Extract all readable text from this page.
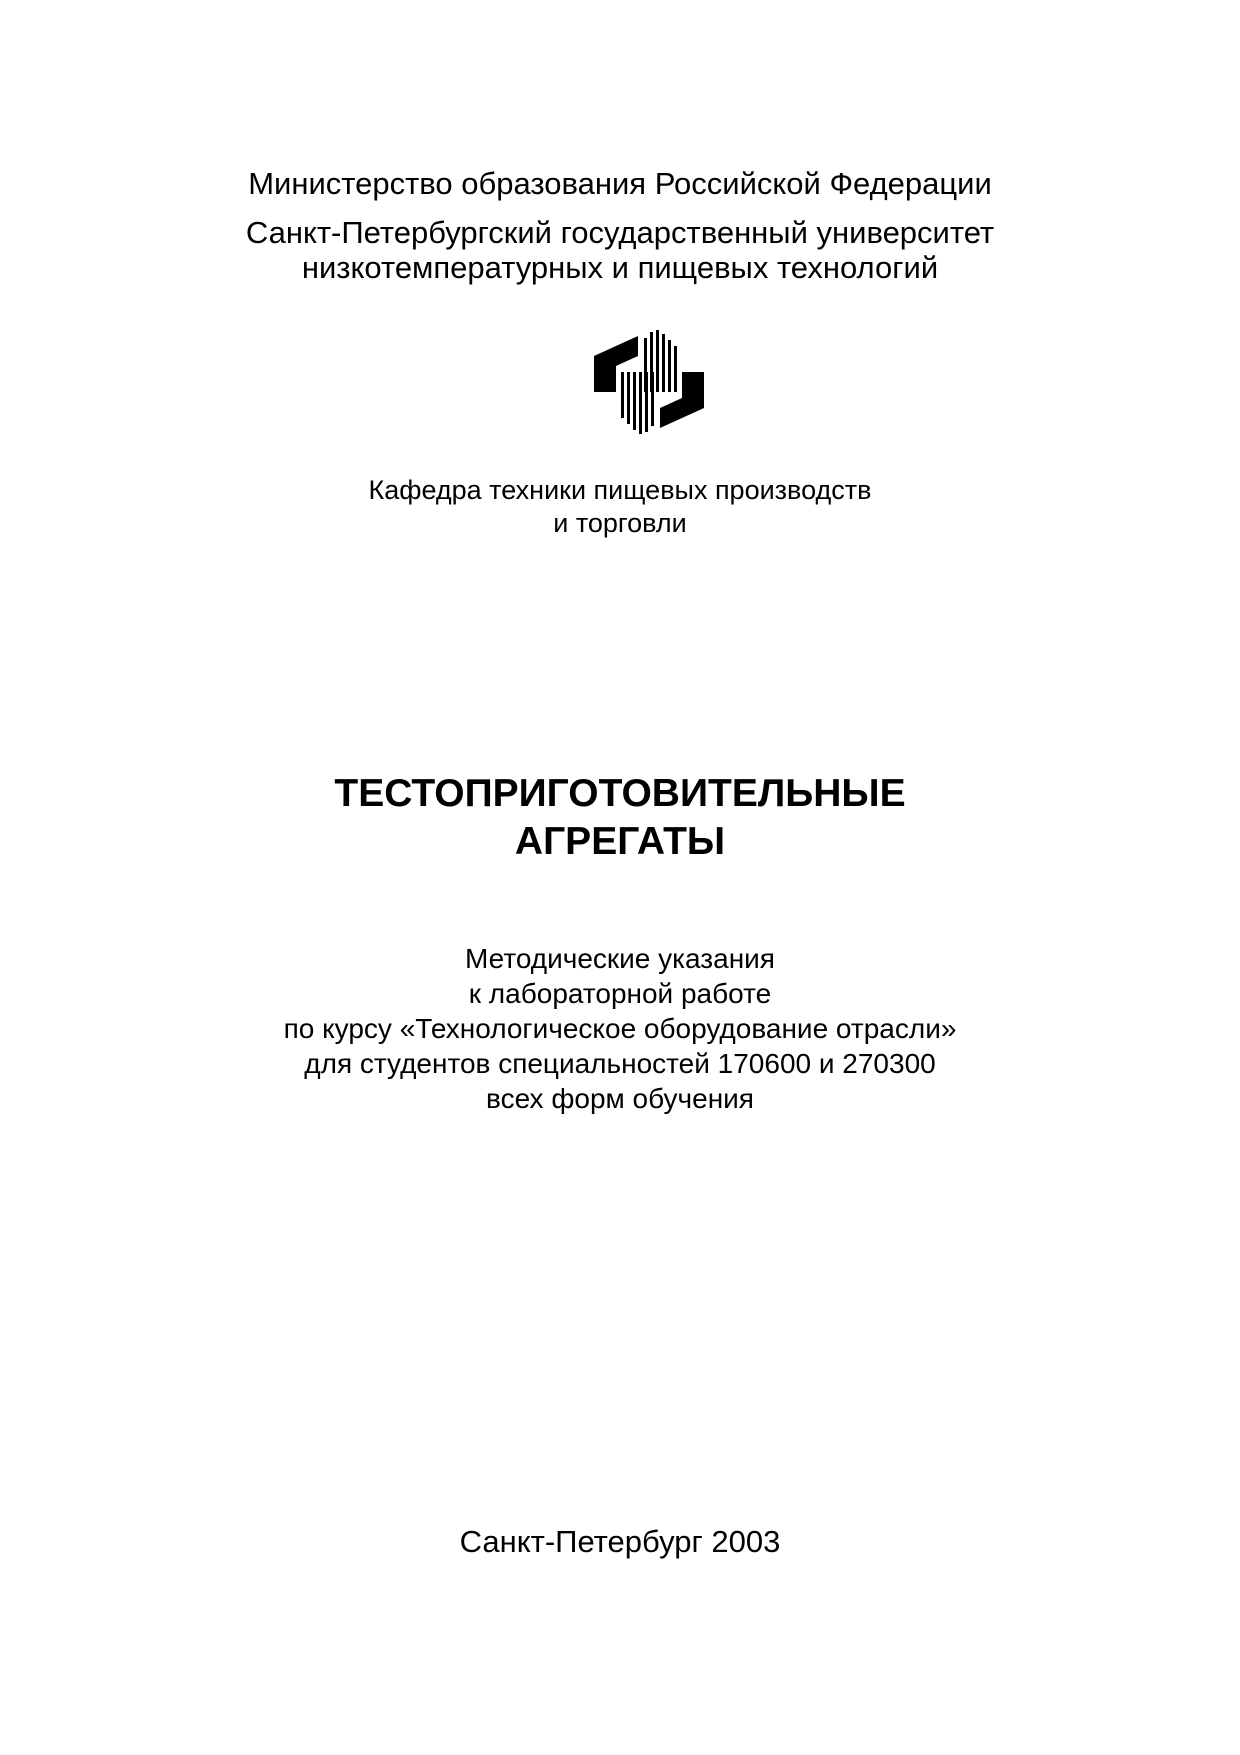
Министерство образования Российской Федерации
Санкт-Петербургский государственный университет
низкотемпературных и пищевых технологий
Кафедра техники пищевых производств
и торговли
ТЕСТОПРИГОТОВИТЕЛЬНЫЕ
АГРЕГАТЫ
Методические указания
к лабораторной работе
по курсу «Технологическое оборудование отрасли»
для студентов специальностей 170600 и 270300
всех форм обучения
Санкт-Петербург 2003
